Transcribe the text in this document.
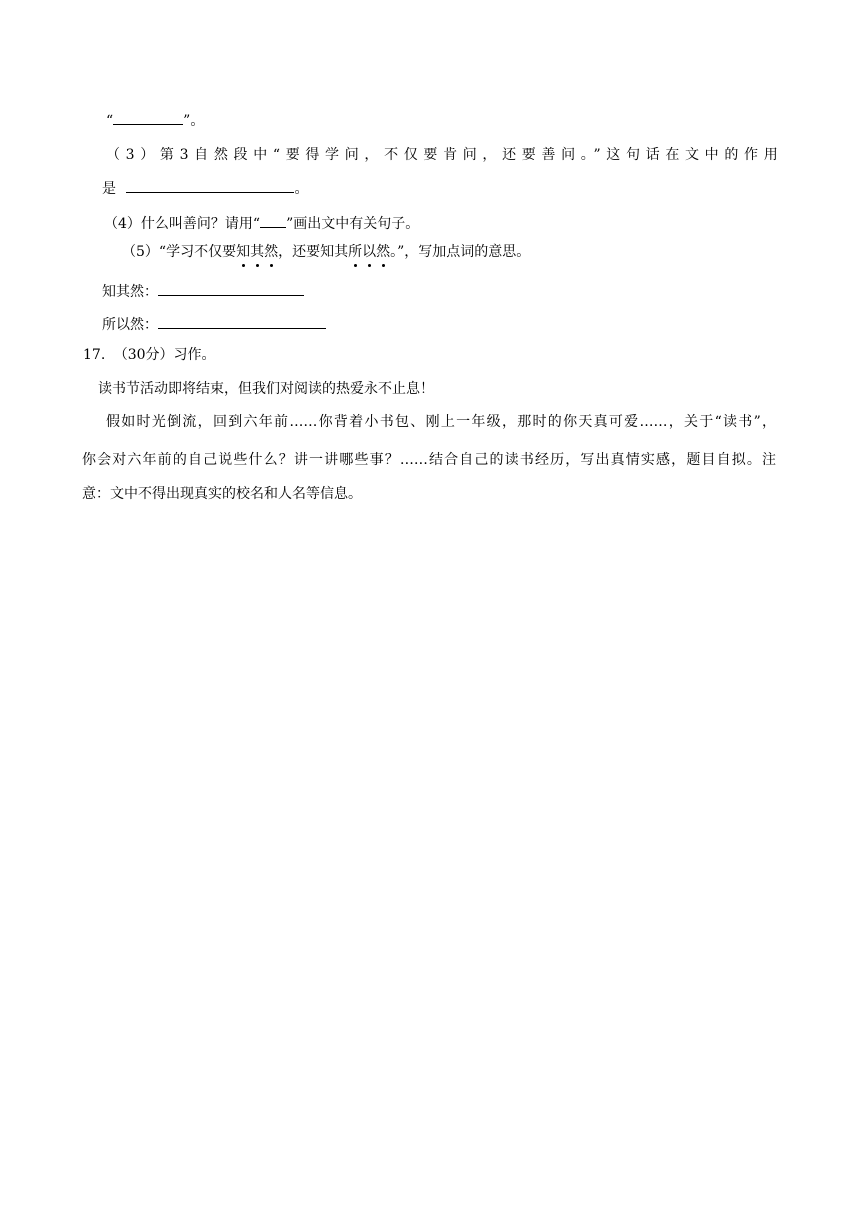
“	”。
（3）第3自然段中“要得学问，不仅要肯问，还要善问。”这句话在文中的作用
是	。
（4）什么叫善问？请用“ ”画出文中有关句子。
（5）“学习不仅要知其然，还要知其所以然。”，写加点词的意思。
知其然：
所以然：
17. （30分）习作。
读书节活动即将结束，但我们对阅读的热爱永不止息！
假如时光倒流，回到六年前……你背着小书包、刚上一年级，那时的你天真可爱……，关于“读书”，
你会对六年前的自己说些什么？讲一讲哪些事？……结合自己的读书经历，写出真情实感，题目自拟。注
意：文中不得出现真实的校名和人名等信息。
